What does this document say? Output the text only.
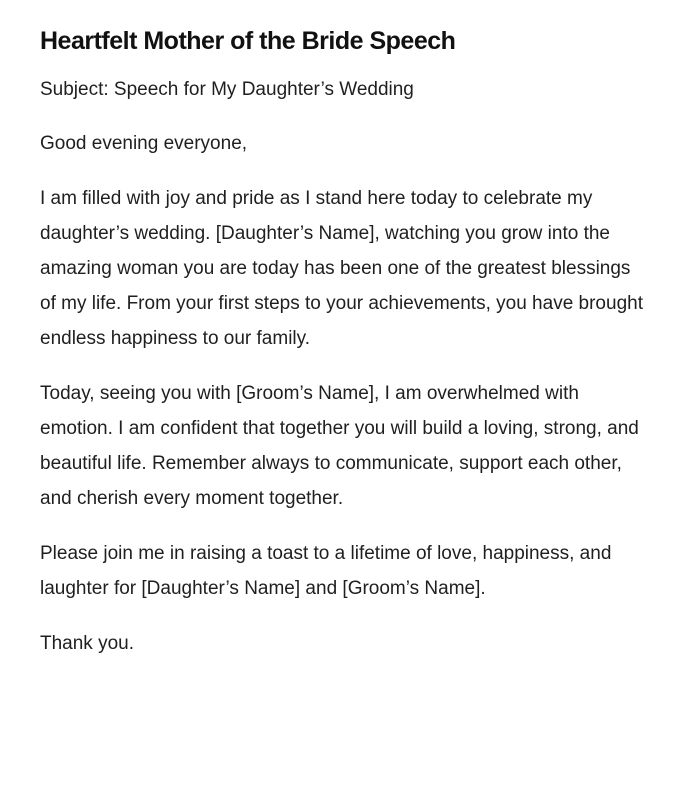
Heartfelt Mother of the Bride Speech

Subject: Speech for My Daughter’s Wedding

Good evening everyone,

I am filled with joy and pride as I stand here today to celebrate my daughter’s wedding. [Daughter’s Name], watching you grow into the amazing woman you are today has been one of the greatest blessings of my life. From your first steps to your achievements, you have brought endless happiness to our family.

Today, seeing you with [Groom’s Name], I am overwhelmed with emotion. I am confident that together you will build a loving, strong, and beautiful life. Remember always to communicate, support each other, and cherish every moment together.

Please join me in raising a toast to a lifetime of love, happiness, and laughter for [Daughter’s Name] and [Groom’s Name].

Thank you.
